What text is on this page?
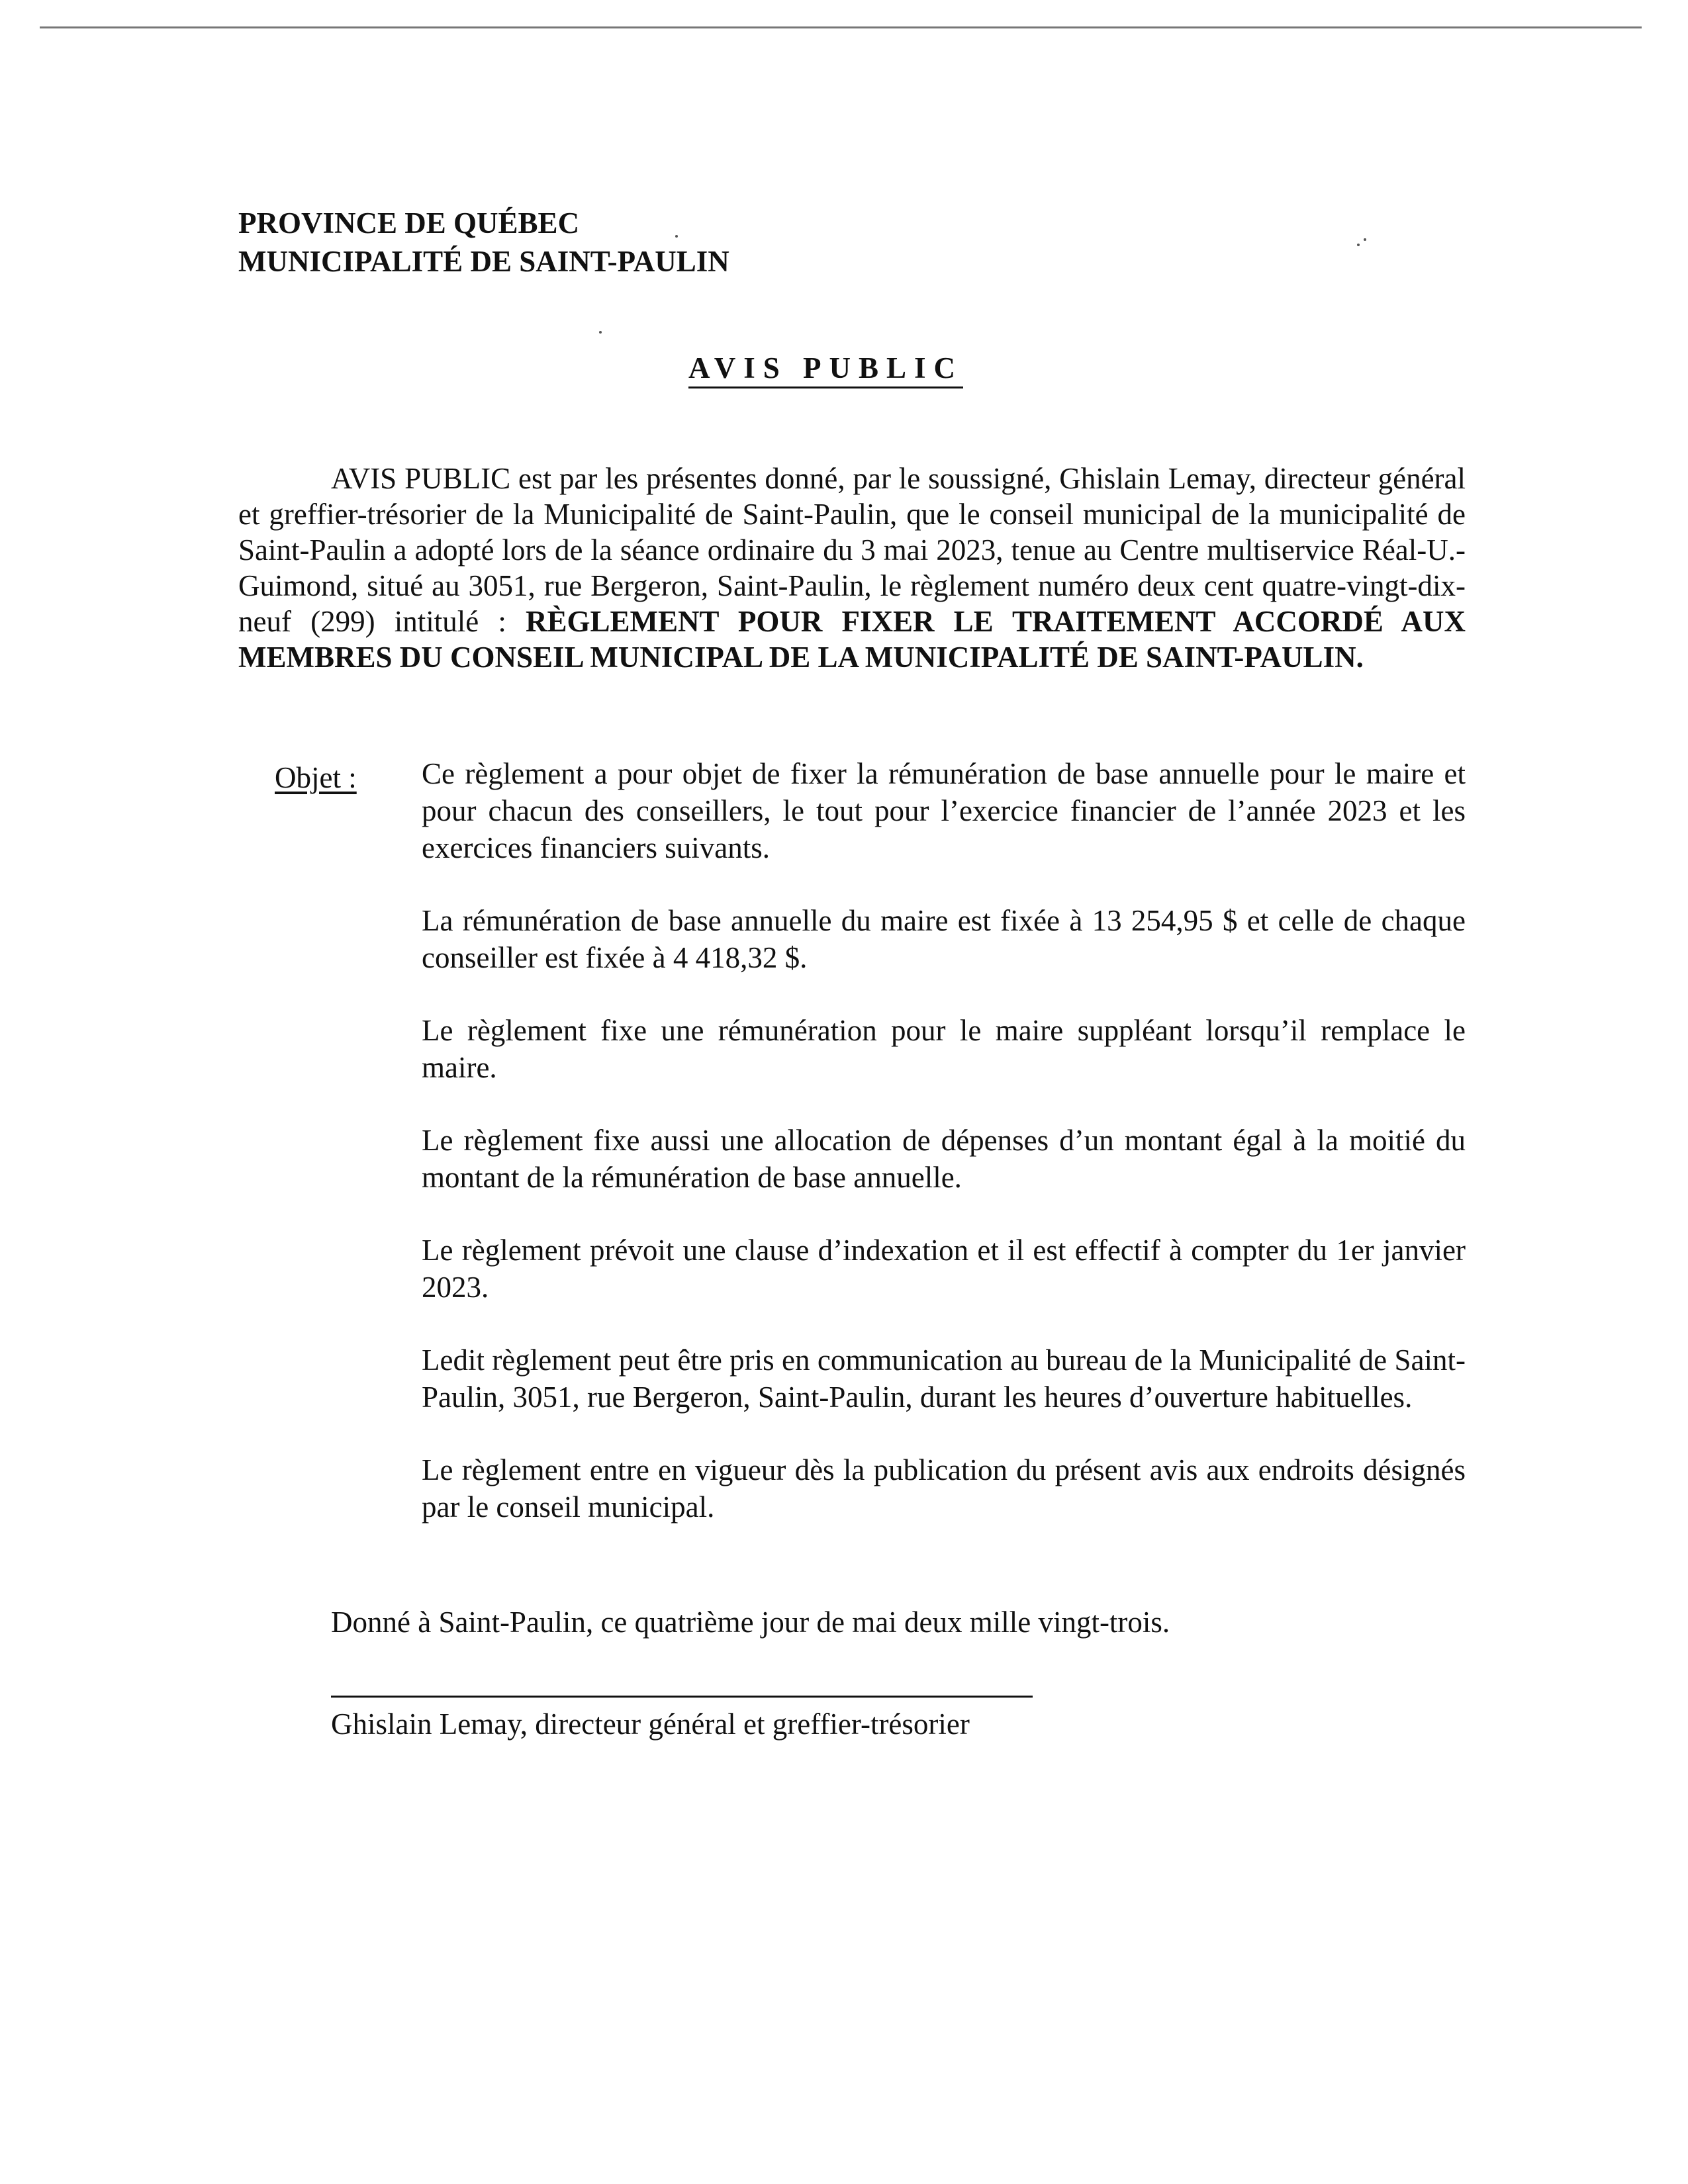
PROVINCE DE QUÉBEC
MUNICIPALITÉ DE SAINT-PAULIN
AVIS PUBLIC

AVIS PUBLIC est par les présentes donné, par le soussigné, Ghislain Lemay, directeur général et greffier-trésorier de la Municipalité de Saint-Paulin, que le conseil municipal de la municipalité de Saint-Paulin a adopté lors de la séance ordinaire du 3 mai 2023, tenue au Centre multiservice Réal-U.-Guimond, situé au 3051, rue Bergeron, Saint-Paulin, le règlement numéro deux cent quatre-vingt-dix-neuf (299) intitulé : RÈGLEMENT POUR FIXER LE TRAITEMENT ACCORDÉ AUX MEMBRES DU CONSEIL MUNICIPAL DE LA MUNICIPALITÉ DE SAINT-PAULIN.

Objet : Ce règlement a pour objet de fixer la rémunération de base annuelle pour le maire et pour chacun des conseillers, le tout pour l’exercice financier de l’année 2023 et les exercices financiers suivants.

La rémunération de base annuelle du maire est fixée à 13 254,95 $ et celle de chaque conseiller est fixée à 4 418,32 $.

Le règlement fixe une rémunération pour le maire suppléant lorsqu’il remplace le maire.

Le règlement fixe aussi une allocation de dépenses d’un montant égal à la moitié du montant de la rémunération de base annuelle.

Le règlement prévoit une clause d’indexation et il est effectif à compter du 1er janvier 2023.

Ledit règlement peut être pris en communication au bureau de la Municipalité de Saint-Paulin, 3051, rue Bergeron, Saint-Paulin, durant les heures d’ouverture habituelles.

Le règlement entre en vigueur dès la publication du présent avis aux endroits désignés par le conseil municipal.

Donné à Saint-Paulin, ce quatrième jour de mai deux mille vingt-trois.
Ghislain Lemay, directeur général et greffier-trésorier
